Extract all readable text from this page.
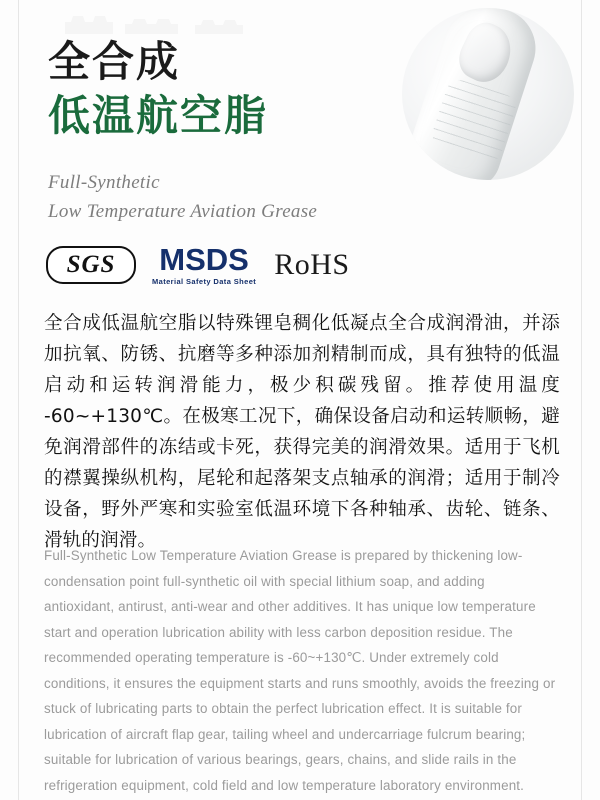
全合成
低温航空脂
Full-Synthetic
Low Temperature Aviation Grease
SGS MSDS
Material Safety Data Sheet RoHS
全合成低温航空脂以特殊锂皂稠化低凝点全合成润滑油，并添加抗氧、防锈、抗磨等多种添加剂精制而成，具有独特的低温启动和运转润滑能力，极少积碳残留。推荐使用温度 -60~+130℃。在极寒工况下，确保设备启动和运转顺畅，避免润滑部件的冻结或卡死，获得完美的润滑效果。适用于飞机的襟翼操纵机构，尾轮和起落架支点轴承的润滑；适用于制冷设备，野外严寒和实验室低温环境下各种轴承、齿轮、链条、滑轨的润滑。
Full-Synthetic Low Temperature Aviation Grease is prepared by thickening low-condensation point full-synthetic oil with special lithium soap, and adding antioxidant, antirust, anti-wear and other additives. It has unique low temperature start and operation lubrication ability with less carbon deposition residue. The recommended operating temperature is -60~+130℃. Under extremely cold conditions, it ensures the equipment starts and runs smoothly, avoids the freezing or stuck of lubricating parts to obtain the perfect lubrication effect. It is suitable for lubrication of aircraft flap gear, tailing wheel and undercarriage fulcrum bearing; suitable for lubrication of various bearings, gears, chains, and slide rails in the refrigeration equipment, cold field and low temperature laboratory environment.
